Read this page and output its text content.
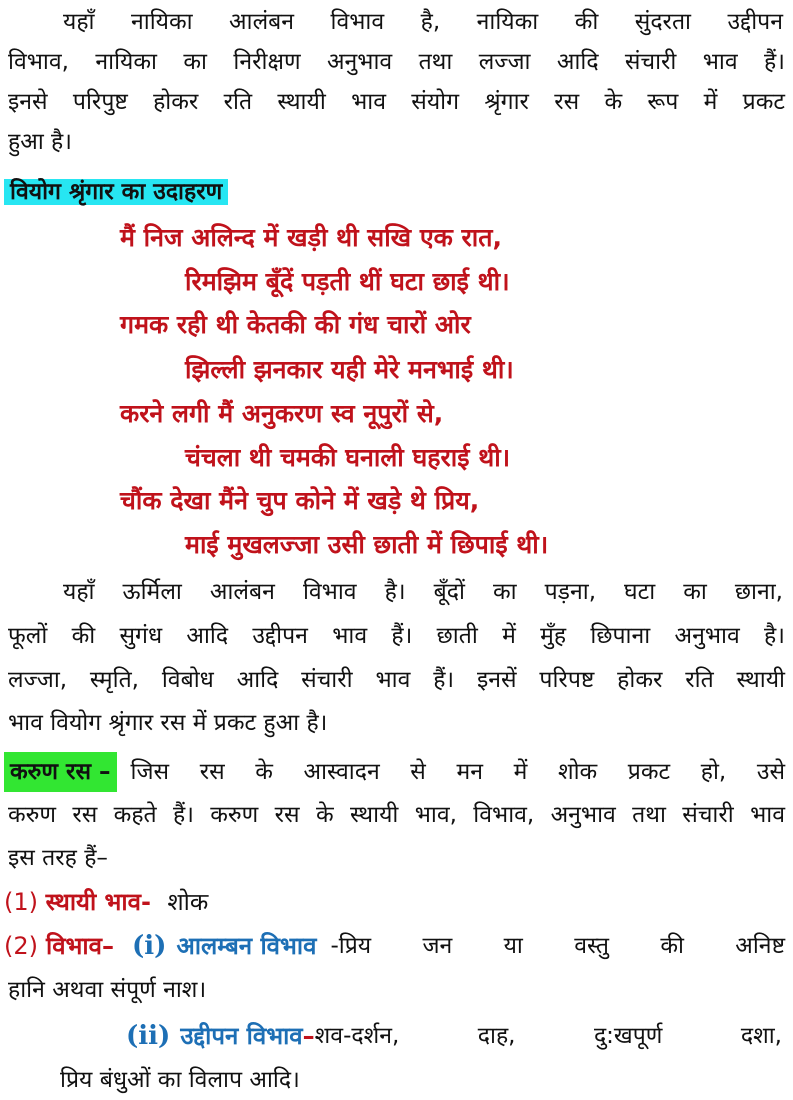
यहाँ नायिका आलंबन विभाव है, नायिका की सुंदरता उद्दीपन
विभाव, नायिका का निरीक्षण अनुभाव तथा लज्जा आदि संचारी भाव हैं।
इनसे परिपुष्ट होकर रति स्थायी भाव संयोग श्रृंगार रस के रूप में प्रकट
हुआ है।
वियोग श्रृंगार का उदाहरण
मैं निज अलिन्द में खड़ी थी सखि एक रात,
रिमझिम बूँदें पड़ती थीं घटा छाई थी।
गमक रही थी केतकी की गंध चारों ओर
झिल्ली झनकार यही मेरे मनभाई थी।
करने लगी मैं अनुकरण स्व नूपुरों से,
चंचला थी चमकी घनाली घहराई थी।
चौंक देखा मैंने चुप कोने में खड़े थे प्रिय,
माई मुखलज्जा उसी छाती में छिपाई थी।
यहाँ ऊर्मिला आलंबन विभाव है। बूँदों का पड़ना, घटा का छाना,
फूलों की सुगंध आदि उद्दीपन भाव हैं। छाती में मुँह छिपाना अनुभाव है।
लज्जा, स्मृति, विबोध आदि संचारी भाव हैं। इनसें परिपष्ट होकर रति स्थायी
भाव वियोग श्रृंगार रस में प्रकट हुआ है।
करुण रस – जिस रस के आस्वादन से मन में शोक प्रकट हो, उसे
करुण रस कहते हैं। करुण रस के स्थायी भाव, विभाव, अनुभाव तथा संचारी भाव
इस तरह हैं–
(1) स्थायी भाव- शोक
(2) विभाव– (i) आलम्बन विभाव -प्रिय जन या वस्तु की अनिष्ट
हानि अथवा संपूर्ण नाश।
(ii) उद्दीपन विभाव – शव-दर्शन, दाह, दु:खपूर्ण दशा,
प्रिय बंधुओं का विलाप आदि।
